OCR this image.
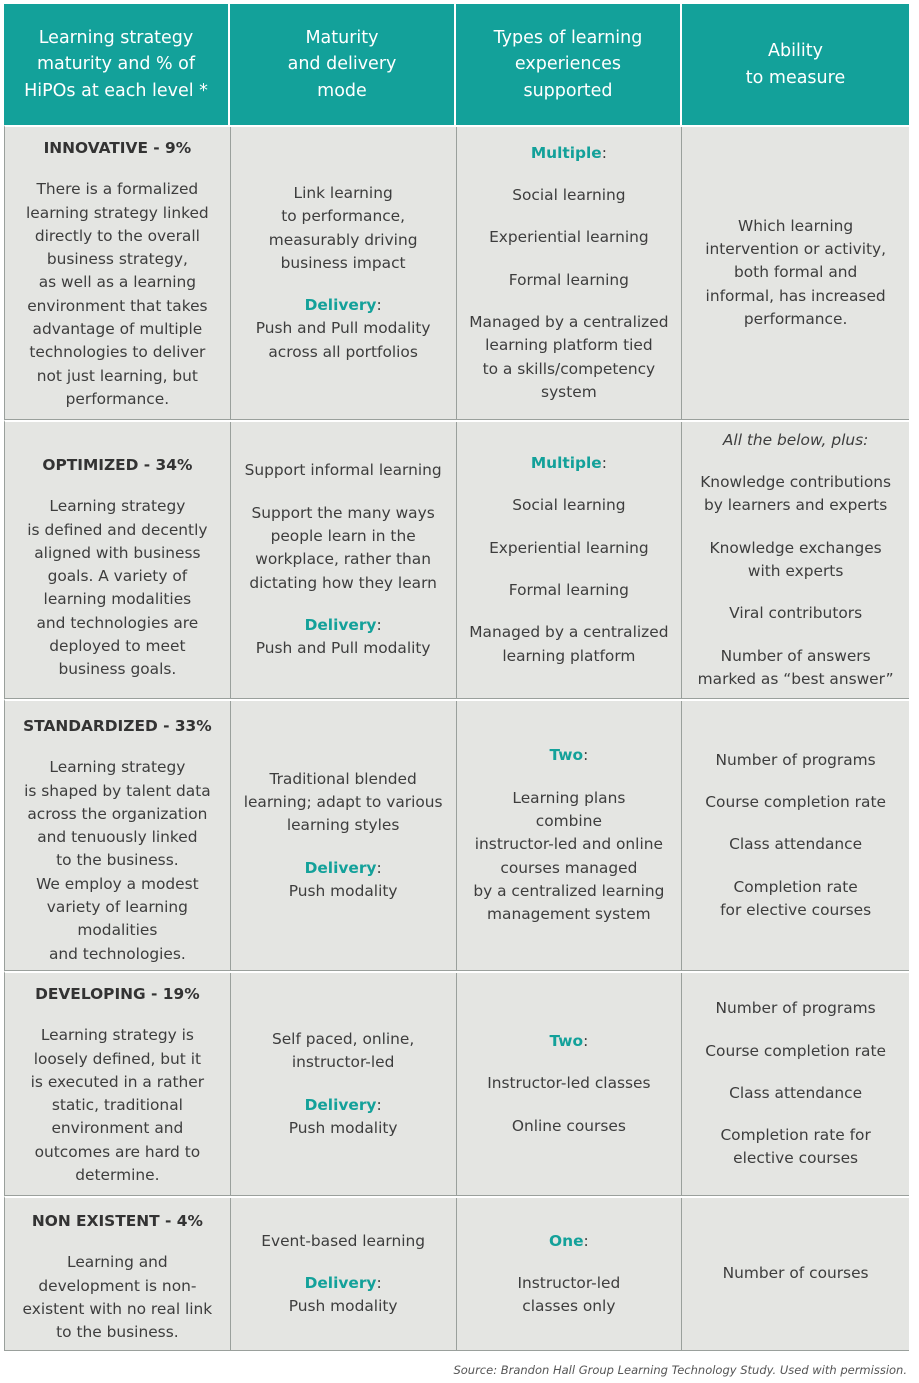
Learning strategy
maturity and % of
HiPOs at each level *
Maturity
and delivery
mode
Types of learning
experiences
supported
Ability
to measure
INNOVATIVE - 9%
There is a formalized
learning strategy linked
directly to the overall
business strategy,
as well as a learning
environment that takes
advantage of multiple
technologies to deliver
not just learning, but
performance.
Link learning
to performance,
measurably driving
business impact
Delivery:
Push and Pull modality
across all portfolios
Multiple:
Social learning
Experiential learning
Formal learning
Managed by a centralized
learning platform tied
to a skills/competency
system
Which learning
intervention or activity,
both formal and
informal, has increased
performance.
OPTIMIZED - 34%
Learning strategy
is defined and decently
aligned with business
goals. A variety of
learning modalities
and technologies are
deployed to meet
business goals.
Support informal learning
Support the many ways
people learn in the
workplace, rather than
dictating how they learn
Delivery:
Push and Pull modality
Multiple:
Social learning
Experiential learning
Formal learning
Managed by a centralized
learning platform
All the below, plus:
Knowledge contributions
by learners and experts
Knowledge exchanges
with experts
Viral contributors
Number of answers
marked as “best answer”
STANDARDIZED - 33%
Learning strategy
is shaped by talent data
across the organization
and tenuously linked
to the business.
We employ a modest
variety of learning
modalities
and technologies.
Traditional blended
learning; adapt to various
learning styles
Delivery:
Push modality
Two:
Learning plans
combine
instructor-led and online
courses managed
by a centralized learning
management system
Number of programs
Course completion rate
Class attendance
Completion rate
for elective courses
DEVELOPING - 19%
Learning strategy is
loosely defined, but it
is executed in a rather
static, traditional
environment and
outcomes are hard to
determine.
Self paced, online,
instructor-led
Delivery:
Push modality
Two:
Instructor-led classes
Online courses
Number of programs
Course completion rate
Class attendance
Completion rate for
elective courses
NON EXISTENT - 4%
Learning and
development is non-
existent with no real link
to the business.
Event-based learning
Delivery:
Push modality
One:
Instructor-led
classes only
Number of courses
Source: Brandon Hall Group Learning Technology Study. Used with permission.
